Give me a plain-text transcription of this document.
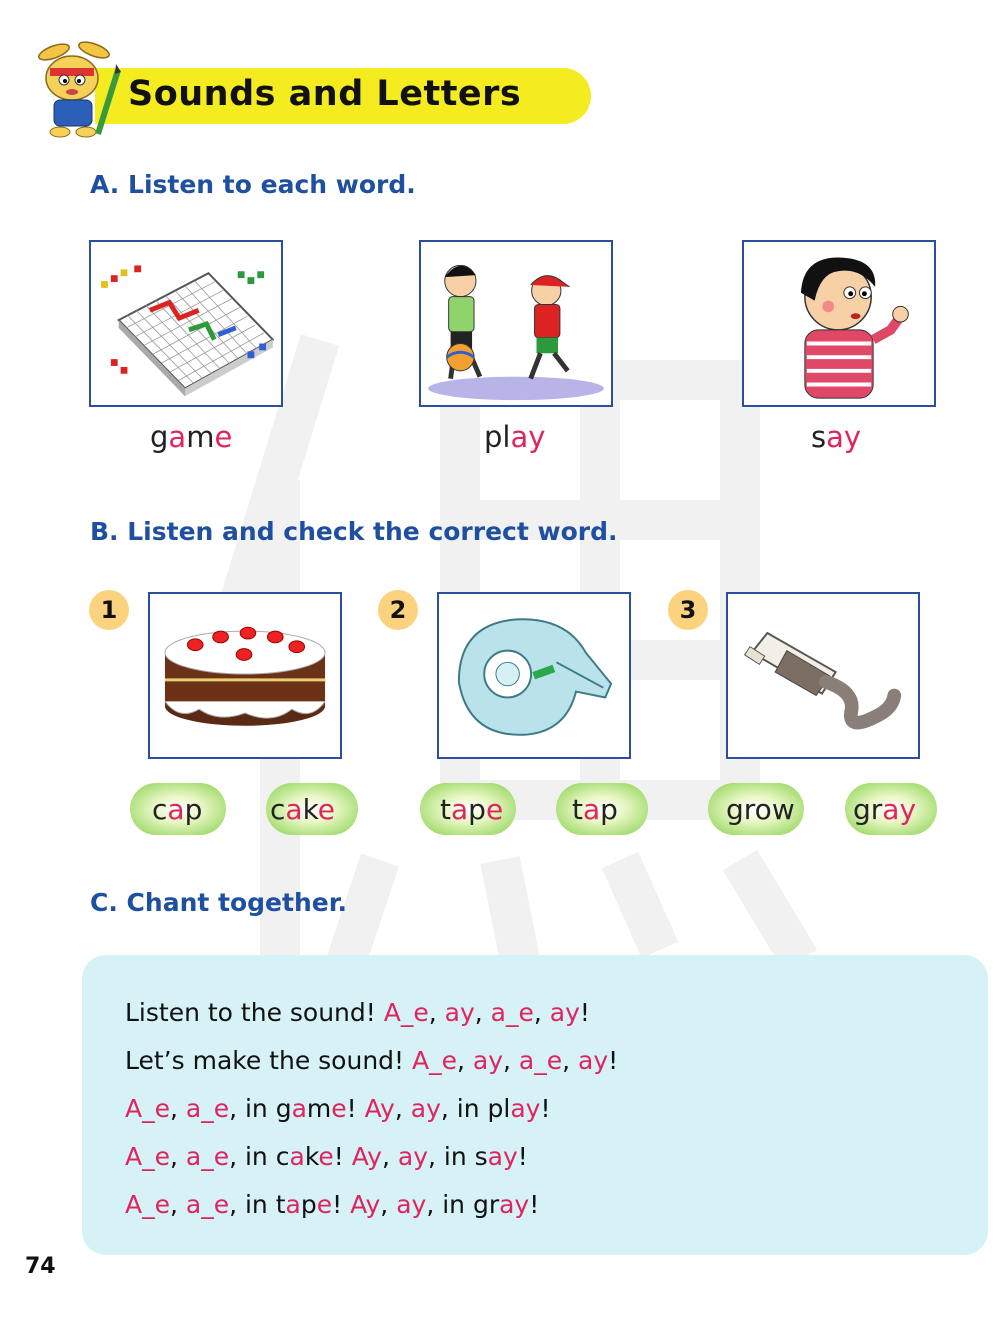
Sounds and Letters
A. Listen to each word.
game	play	say
B. Listen and check the correct word.
1	2	3
cap cake	tape tap	grow gray
C. Chant together.
Listen to the sound! A_e, ay, a_e, ay!
Let’s make the sound! A_e, ay, a_e, ay!
A_e, a_e, in game! Ay, ay, in play!
A_e, a_e, in cake! Ay, ay, in say!
A_e, a_e, in tape! Ay, ay, in gray!
74
